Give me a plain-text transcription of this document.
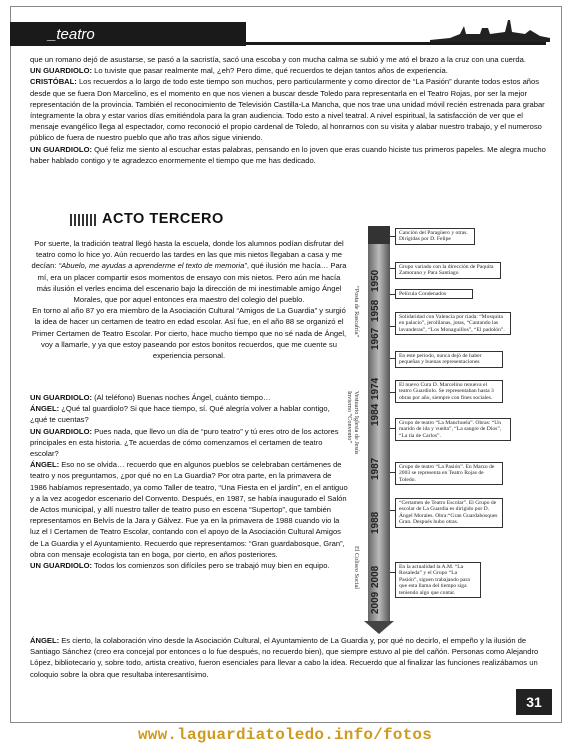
_teatro

que un romano dejó de asustarse, se pasó a la sacristía, sacó una escoba y con mucha calma se subió y me ató el brazo a la cruz con una cuerda.

UN GUARDIOLO: Lo tuviste que pasar realmente mal, ¿eh? Pero dime, qué recuerdos te dejan tantos años de experiencia.

CRISTÓBAL: Los recuerdos a lo largo de todo este tiempo son muchos, pero particularmente y como director de “La Pasión” durante todos estos años desde que se fuera Don Marcelino, es el momento en que nos vienen a buscar desde Toledo para representarla en el Teatro Rojas, por ser la mejor representación de la provincia. También el reconocimiento de Televisión Castilla-La Mancha, que nos trae una unidad móvil recién estrenada para grabar íntegramente la obra y estar varios días emitiéndola para la gran audiencia. Todo esto a nivel teatral. A nivel espiritual, la satisfacción de ver que el mensaje evangélico llega al espectador, como reconoció el propio cardenal de Toledo, al honrarnos con su visita y alabar nuestro trabajo, y el numeroso público de fuera de nuestro pueblo que año tras años sigue viniendo.

UN GUARDIOLO: Qué feliz me siento al escuchar estas palabras, pensando en lo joven que eras cuando hiciste tus primeros papeles. Me alegra mucho haber hablado contigo y te agradezco enormemente el tiempo que me has dedicado.

ACTO TERCERO

Por suerte, la tradición teatral llegó hasta la escuela, donde los alumnos podían disfrutar del teatro como lo hice yo. Aún recuerdo las tardes en las que mis nietos llegaban a casa y me decían: “Abuelo, me ayudas a aprenderme el texto de memoria”, qué ilusión me hacía… Para mí, era un placer compartir esos momentos de ensayo con mis nietos. Pero aún me hacía más ilusión el verles encima del escenario bajo la dirección de mi inestimable amigo Ángel Morales, que por aquel entonces era maestro del colegio del pueblo.

En torno al año 87 yo era miembro de la Asociación Cultural “Amigos de La Guardia” y surgió la idea de hacer un certamen de teatro en edad escolar. Así fue, en el año 88 se organizó el Primer Certamen de Teatro Escolar. Por cierto, hace mucho tiempo que no sé nada de Ángel, voy a llamarle, y ya que estoy paseando por estos bonitos recuerdos, que me cuente su experiencia personal.

UN GUARDIOLO: (Al teléfono) Buenas noches Ángel, cuánto tiempo…

ÁNGEL: ¿Qué tal guardiolo? Si que hace tiempo, sí. Qué alegría volver a hablar contigo, ¿qué te cuentas?

UN GUARDIOLO: Pues nada, que llevo un día de “puro teatro” y tú eres otro de los actores principales en esta historia. ¿Te acuerdas de cómo comenzamos el certamen de teatro escolar?

ÁNGEL: Eso no se olvida… recuerdo que en algunos pueblos se celebraban certámenes de teatro y nos preguntamos, ¿por qué no en La Guardia? Por otra parte, en la primavera de 1986 habíamos representado, ya como Taller de teatro, “Una Fiesta en el jardín”, en el antiguo y a la vez acogedor escenario del Convento. Después, en 1987, se había inaugurado el Salón de Actos municipal, y allí nuestro taller de teatro puso en escena “Supertop”, que también representamos en Belvís de la Jara y Gálvez. Fue ya en la primavera de 1988 cuando vio la luz el I Certamen de Teatro Escolar, contando con el apoyo de la Asociación Cultural Amigos de La Guardia y el Ayuntamiento. Recuerdo que representamos: “Gran guardabosque, Gran”, obra con mensaje ecologista tan en boga, por cierto, en años posteriores.

UN GUARDIOLO: Todos los comienzos son difíciles pero se trabajó muy bien en equipo.

ÁNGEL: Es cierto, la colaboración vino desde la Asociación Cultural, el Ayuntamiento de La Guardia y, por qué no decirlo, el empeño y la ilusión de Santiago Sánchez (creo era concejal por entonces o lo fue después, no recuerdo bien), que siempre estuvo al pie del cañón. Personas como Alejandro López, bibliotecario y, sobre todo, artista creativo, fueron esenciales para llevar a cabo la idea. Recuerdo que al finalizar las funciones realizábamos un coloquio sobre la obra que resultaba interesantísimo.

1950
1958
1967
1974
1984
1987
1988
2008
2009
“Posta de Rascafría”
Vestuario Iglesia de Jesús
Invierno “Convento”
El Coliseo Social
Canción del Paragüero y otras. Dirigidas por D. Felipe
Grupo variado con la dirección de Paquita Zamorano y Para Santiago
Película Condenados
Solidaridad con Valencia por riada: “Mosquita en palacio”, jerolilanas, jotas, “Cantando las lavanderas”, “Los Monaguillos”, “El padolón”.
En este periodo, nunca dejó de haber pequeñas y buenas representaciones
El nuevo Cura D. Marcelino renueva el teatro Guardiolo. Se representaban hasta 3 obras por año, siempre con fines sociales.
Grupo de teatro “La Manchuela”. Obras: “Un marido de ida y vuelta”, “La sangre de Dios”, “La tía de Carlos”.
Grupo de teatro “La Pasión”. En Marzo de 2003 se representa en Teatro Rojas de Toledo.
“Certamen de Teatro Escolar”. El Grupo de escolar de La Guardia es dirigido por D. Ángel Morales. Obra:“Gran Guardabosques Gran. Después hubo otras.
En la actualidad la A.M. “La Rosaleda” y el Grupo “La Pasión”, siguen trabajando para que esta llama del tiempo siga teniendo algo que contar.
31
www.laguardiatoledo.info/fotos
